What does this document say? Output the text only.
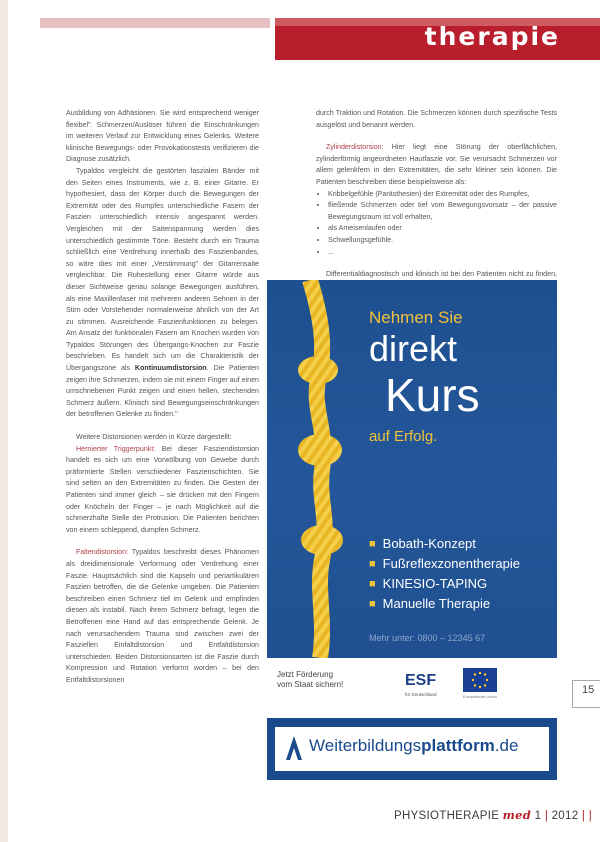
therapie

Ausbildung von Adhäsionen. Sie wird entsprechend weniger flexibel". Schmerzen/Auslöser führen die Einschränkungen im weiteren Verlauf zur Entwicklung eines Gelenks. Weitere klinische Bewegungs- oder Provokationstests verifizieren die Diagnose zusätzlich.

Typaldos vergleicht die gestörten faszialen Bänder mit den Seiten eines Instruments, wie z. B. einer Gitarre. Er hypothesiert, dass der Körper durch die Bewegungen der Extremität oder des Rumpfes unterschiedliche Fasern der Faszien unterschiedlich intensiv angespannt werden. Vergleichen mit der Saitenspannung werden dies unterschiedlich gestimmte Töne. Besteht durch ein Trauma schließlich eine Verdrehung innerhalb des Faszienbandes, so wäre dies mit einer „Verstimmung" der Gitarrensaite vergleichbar. Die Ruhestellung einer Gitarre würde aus dieser Sichtweise genau solange Bewegungen ausführen, als eine Maxillenfaser mit mehreren anderen Sehnen in der Stirn oder Vorstehender normalerweise ähnlich von der Art zu stimmen. Ausreichende Faszienfunktionen zu belegen. Am Ansatz der funktionalen Fasern am Knochen wurden von Typaldos Störungen des Übergangs-Knochen zur Faszie beschrieben. Es handelt sich um die Charakteristik der Übergangszone als Kontinuumdistorsion. Die Patienten zeigen ihre Schmerzen, indem sie mit einem Finger auf einen umschriebenen Punkt zeigen und einen hellen, stechenden Schmerz äußern. Klinisch sind Bewegungseinschränkungen der betroffenen Gelenke zu finden."

Weitere Distorsionen werden in Kürze dargestellt:

Hernierter Triggerpunkt: Bei dieser Fasziendistorsion handelt es sich um eine Vorwölbung von Gewebe durch präformierte Stellen verschiedener Faszienschichten. Sie sind selten an den Extremitäten zu finden. Die Gesten der Patienten sind immer gleich – sie drücken mit den Fingern oder Knöcheln der Finger – je nach Möglichkeit auf die schmerzhafte Stelle der Protrusion. Die Patienten berichten von einem schleppend, dumpfen Schmerz.

Faltendistorsion: Typaldos beschreibt dieses Phänomen als dreidimensionale Verformung oder Verdrehung einer Faszie. Hauptsächlich sind die Kapseln und periartikulären Faszien betroffen, die die Gelenke umgeben. Die Patienten beschreiben einen Schmerz tief im Gelenk und empfinden diesen als instabil. Nach ihrem Schmerz befragt, legen die Betroffenen eine Hand auf das entsprechende Gelenk. Je nach verursachendem Trauma sind zwischen zwei der Fasziellen Einfaltdistorsion und Entfaltdistorsion unterschieden. Beiden Distorsionsarten ist die Faszie durch Kompression und Rotation verformt worden – bei den Entfaltdistorsionen

durch Traktion und Rotation. Die Schmerzen können durch spezifische Tests ausgelöst und benannt werden.

Zylinderdistorsion: Hier liegt eine Störung der oberflächlichen, zylinderförmig angeordneten Hautfaszie vor. Sie verursacht Schmerzen vor allem gelenkfern in den Extremitäten, die sehr kleiner sein können. Die Patienten beschreiben diese beispielsweise als:

• Kribbelgefühle (Parästhesien) der Extremität oder des Rumpfes,
• fließende Schmerzen oder tief vom Bewegungsvorsatz – der passive Bewegungsraum ist voll erhalten,
• als Ameisenlaufen oder
• Schwellungsgefühle.
• ...

Differentialdiagnostisch und klinisch ist bei den Patienten nicht zu finden,

Nehmen Sie
direkt
Kurs
auf Erfolg.
■ Bobath-Konzept
■ Fußreflexzonentherapie
■ KINESIO-TAPING
■ Manuelle Therapie
Mehr unter: 0800 – 12345 67
Jetzt Förderung
vom Staat sichern!	ESF
für Deutschland	Europäische Union
Weiterbildungsplattform.de
15
PHYSIOTHERAPIE med 1 | 2012 | |
